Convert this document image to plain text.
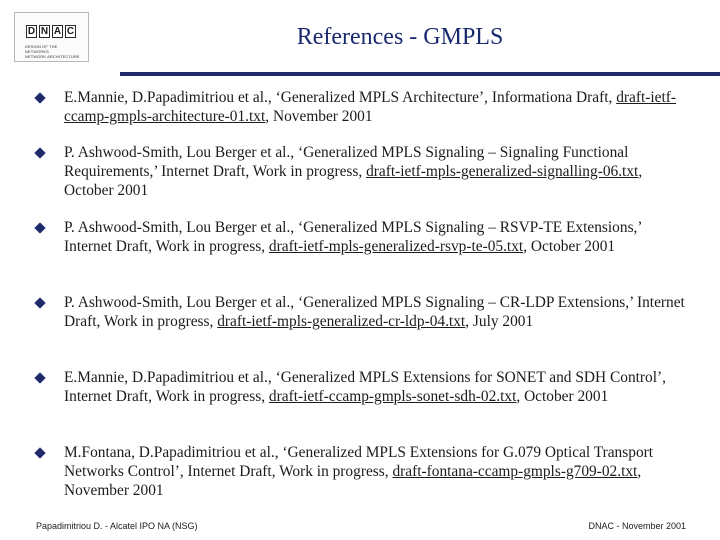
D N A C
DESIGN OF THE NETWORKS
NETWORK ARCHITECTURE
References - GMPLS
E.Mannie, D.Papadimitriou et al., ‘Generalized MPLS Architecture’, Informationa Draft, draft-ietf-ccamp-gmpls-architecture-01.txt, November 2001
P. Ashwood-Smith, Lou Berger et al., ‘Generalized MPLS Signaling – Signaling Functional Requirements,’ Internet Draft, Work in progress, draft-ietf-mpls-generalized-signalling-06.txt, October 2001
P. Ashwood-Smith, Lou Berger et al., ‘Generalized MPLS Signaling – RSVP-TE Extensions,’ Internet Draft, Work in progress, draft-ietf-mpls-generalized-rsvp-te-05.txt, October 2001
P. Ashwood-Smith, Lou Berger et al., ‘Generalized MPLS Signaling – CR-LDP Extensions,’ Internet Draft, Work in progress, draft-ietf-mpls-generalized-cr-ldp-04.txt, July 2001
E.Mannie, D.Papadimitriou et al., ‘Generalized MPLS Extensions for SONET and SDH Control’, Internet Draft, Work in progress, draft-ietf-ccamp-gmpls-sonet-sdh-02.txt, October 2001
M.Fontana, D.Papadimitriou et al., ‘Generalized MPLS Extensions for G.079 Optical Transport Networks Control’, Internet Draft, Work in progress, draft-fontana-ccamp-gmpls-g709-02.txt, November 2001
Papadimitriou D. - Alcatel IPO NA (NSG)	DNAC - November 2001
